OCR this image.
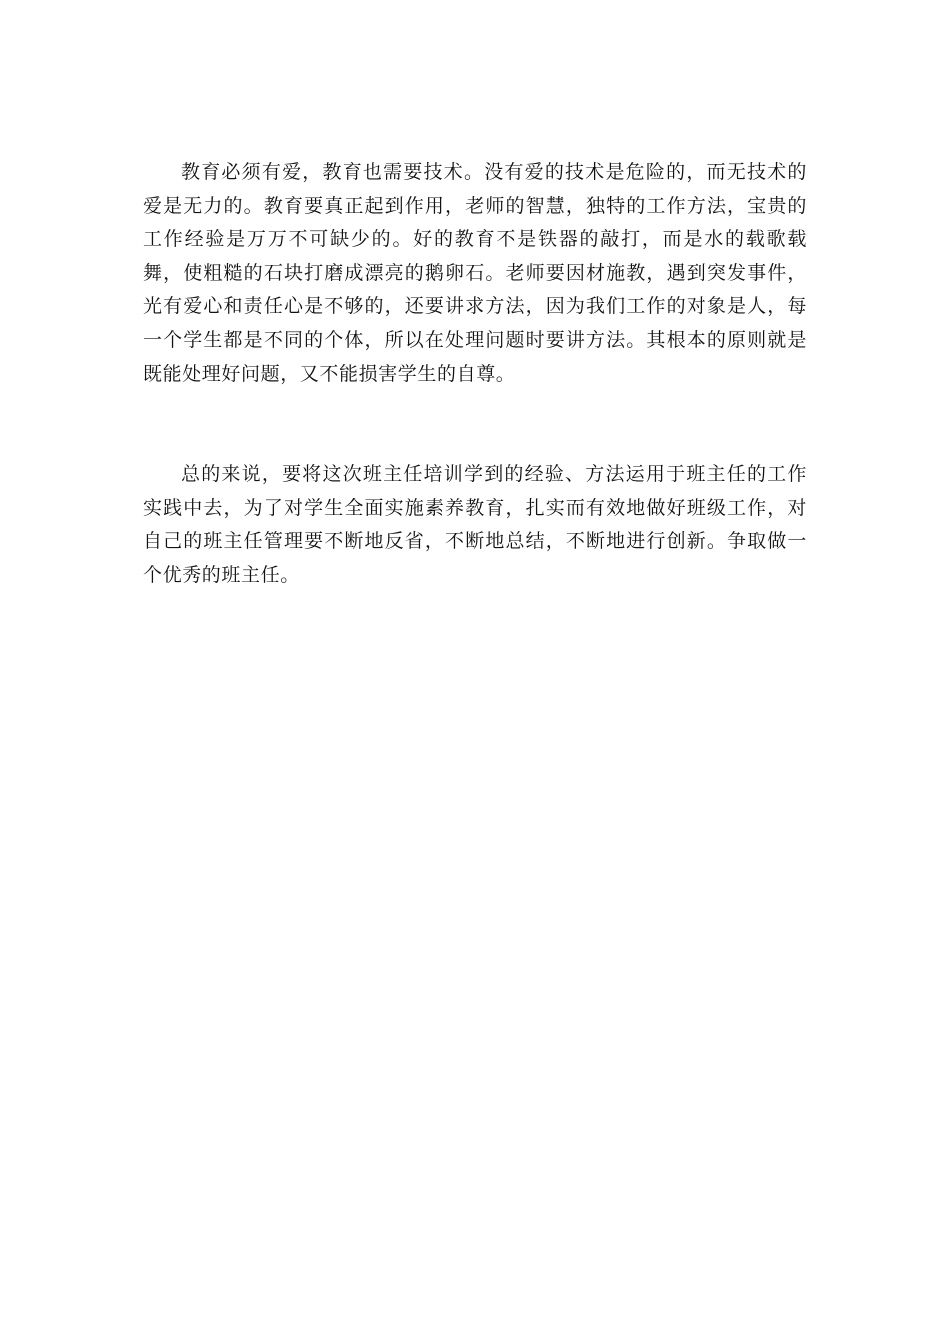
教育必须有爱，教育也需要技术。没有爱的技术是危险的，而无技术的爱是无力的。教育要真正起到作用，老师的智慧，独特的工作方法，宝贵的工作经验是万万不可缺少的。好的教育不是铁器的敲打，而是水的载歌载舞，使粗糙的石块打磨成漂亮的鹅卵石。老师要因材施教，遇到突发事件，光有爱心和责任心是不够的，还要讲求方法，因为我们工作的对象是人，每一个学生都是不同的个体，所以在处理问题时要讲方法。其根本的原则就是既能处理好问题，又不能损害学生的自尊。

总的来说，要将这次班主任培训学到的经验、方法运用于班主任的工作实践中去，为了对学生全面实施素养教育，扎实而有效地做好班级工作，对自己的班主任管理要不断地反省，不断地总结，不断地进行创新。争取做一个优秀的班主任。
